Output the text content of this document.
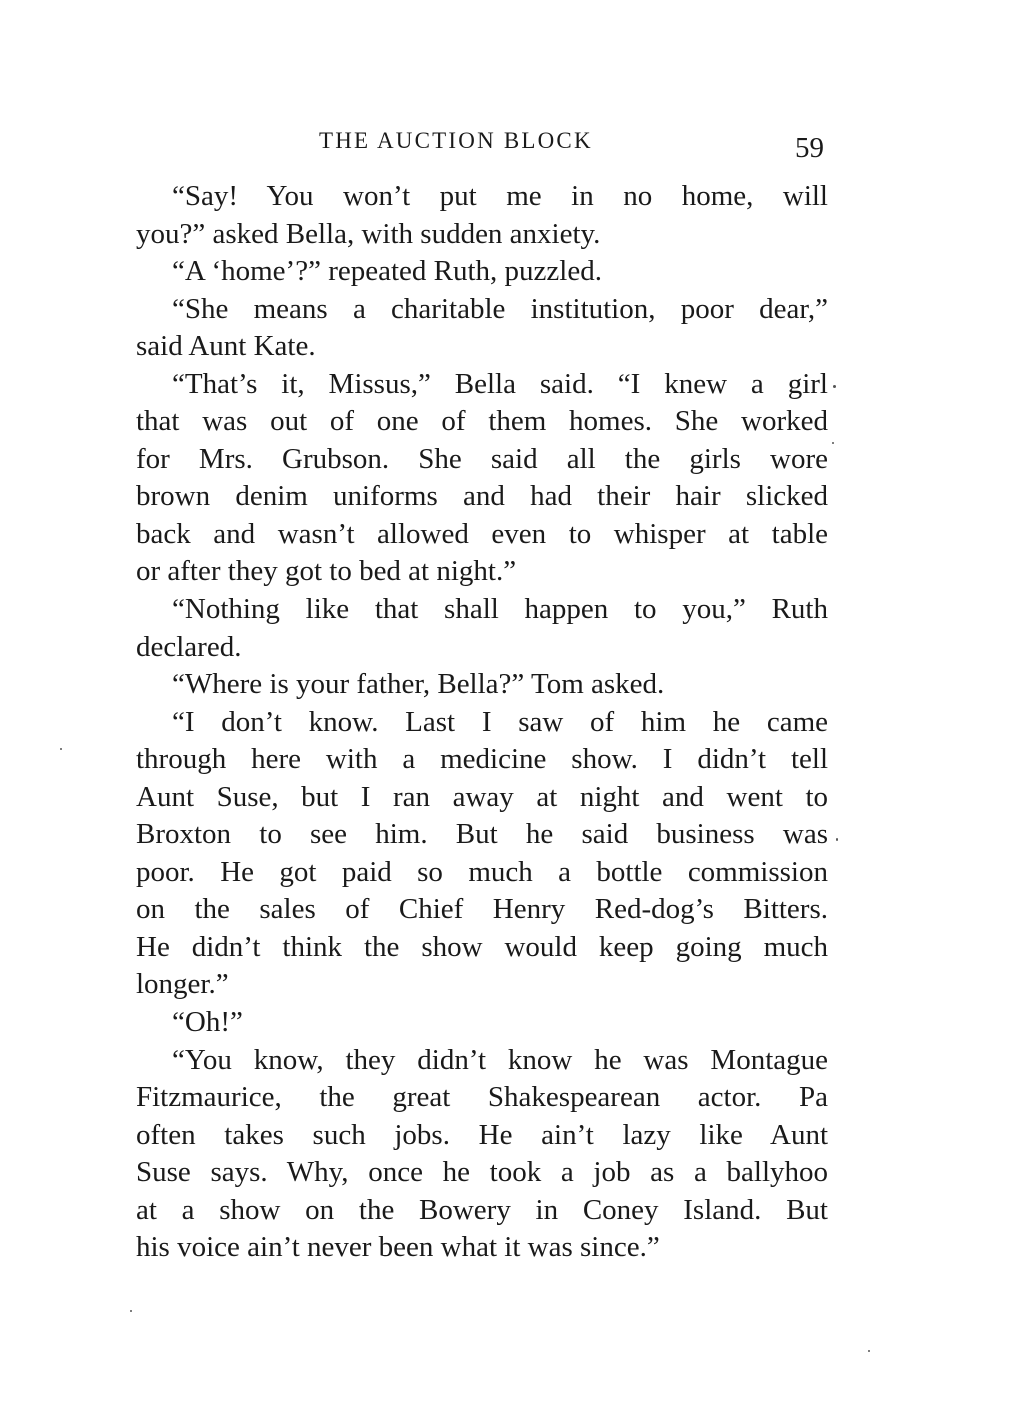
THE AUCTION BLOCK	59
“Say! You won’t put me in no home, will
you?” asked Bella, with sudden anxiety.
“A ‘home’?” repeated Ruth, puzzled.
“She means a charitable institution, poor dear,”
said Aunt Kate.
“That’s it, Missus,” Bella said. “I knew a girl
that was out of one of them homes. She worked
for Mrs. Grubson. She said all the girls wore
brown denim uniforms and had their hair slicked
back and wasn’t allowed even to whisper at table
or after they got to bed at night.”
“Nothing like that shall happen to you,” Ruth
declared.
“Where is your father, Bella?” Tom asked.
“I don’t know. Last I saw of him he came
through here with a medicine show. I didn’t tell
Aunt Suse, but I ran away at night and went to
Broxton to see him. But he said business was
poor. He got paid so much a bottle commission
on the sales of Chief Henry Red-dog’s Bitters.
He didn’t think the show would keep going much
longer.”
“Oh!”
“You know, they didn’t know he was Montague
Fitzmaurice, the great Shakespearean actor. Pa
often takes such jobs. He ain’t lazy like Aunt
Suse says. Why, once he took a job as a ballyhoo
at a show on the Bowery in Coney Island. But
his voice ain’t never been what it was since.”
